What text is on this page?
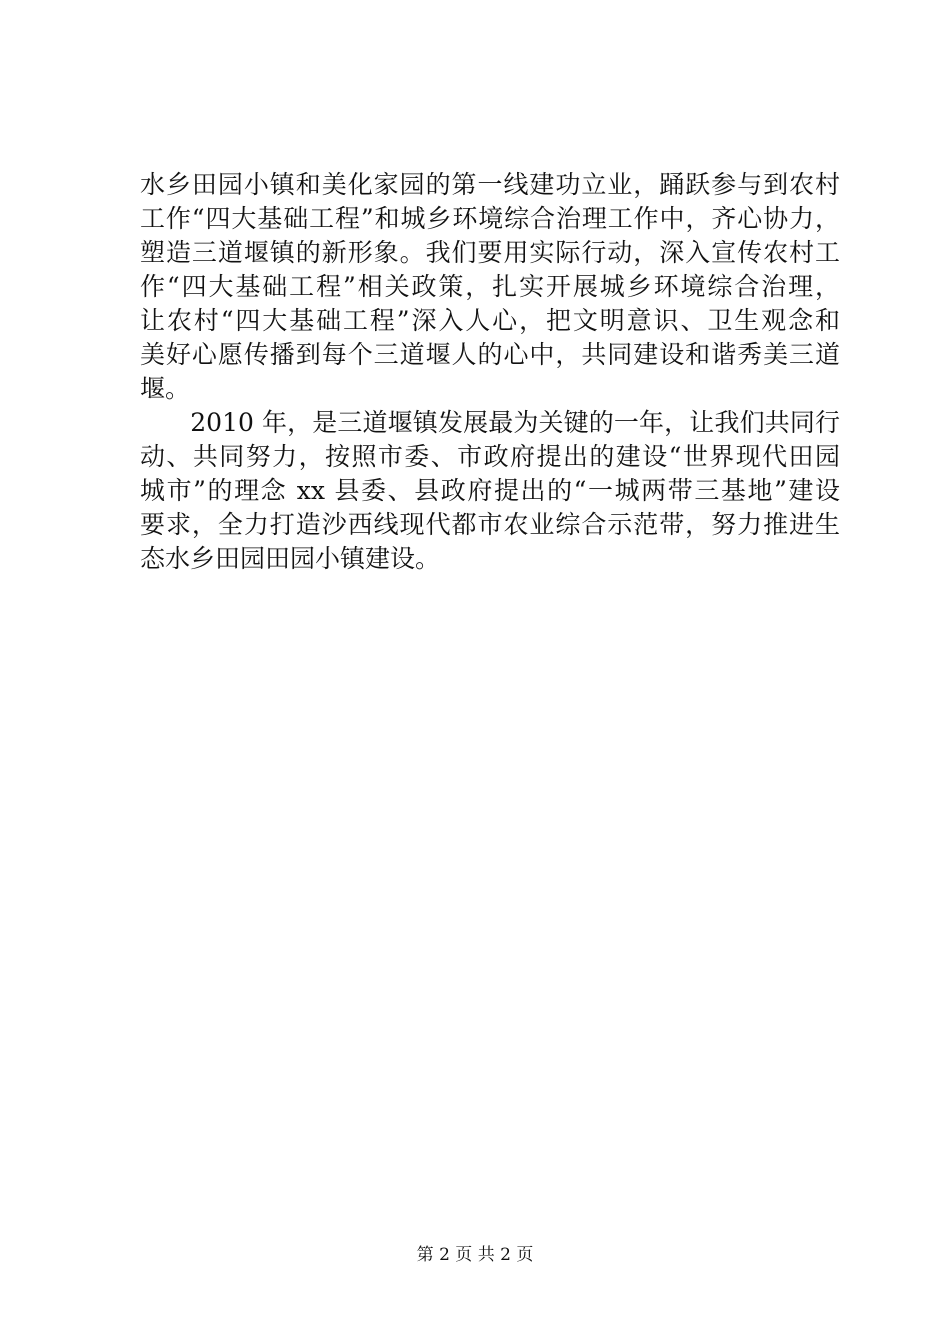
水乡田园小镇和美化家园的第一线建功立业，踊跃参与到农村
工作“四大基础工程”和城乡环境综合治理工作中，齐心协力，
塑造三道堰镇的新形象。我们要用实际行动，深入宣传农村工
作“四大基础工程”相关政策，扎实开展城乡环境综合治理，
让农村“四大基础工程”深入人心，把文明意识、卫生观念和
美好心愿传播到每个三道堰人的心中，共同建设和谐秀美三道
堰。
　　2010 年，是三道堰镇发展最为关键的一年，让我们共同行
动、共同努力，按照市委、市政府提出的建设“世界现代田园
城市”的理念 xx 县委、县政府提出的“一城两带三基地”建设
要求，全力打造沙西线现代都市农业综合示范带，努力推进生
态水乡田园田园小镇建设。
第 2 页 共 2 页
